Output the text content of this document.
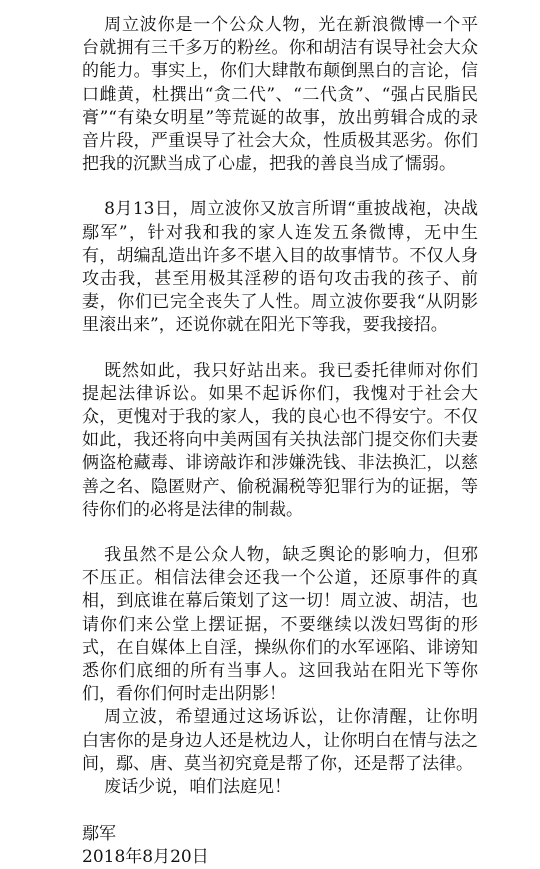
周立波你是一个公众人物，光在新浪微博一个平台就拥有三千多万的粉丝。你和胡洁有误导社会大众的能力。事实上，你们大肆散布颠倒黑白的言论，信口雌黄，杜撰出“贪二代”、“二代贪”、“强占民脂民膏”“有染女明星”等荒诞的故事，放出剪辑合成的录音片段，严重误导了社会大众，性质极其恶劣。你们把我的沉默当成了心虚，把我的善良当成了懦弱。

8月13日，周立波你又放言所谓“重披战袍，决战鄢军”，针对我和我的家人连发五条微博，无中生有，胡编乱造出许多不堪入目的故事情节。不仅人身攻击我，甚至用极其淫秽的语句攻击我的孩子、前妻，你们已完全丧失了人性。周立波你要我“从阴影里滚出来”，还说你就在阳光下等我，要我接招。

既然如此，我只好站出来。我已委托律师对你们提起法律诉讼。如果不起诉你们，我愧对于社会大众，更愧对于我的家人，我的良心也不得安宁。不仅如此，我还将向中美两国有关执法部门提交你们夫妻俩盗枪藏毒、诽谤敲诈和涉嫌洗钱、非法换汇，以慈善之名、隐匿财产、偷税漏税等犯罪行为的证据，等待你们的必将是法律的制裁。

我虽然不是公众人物，缺乏舆论的影响力，但邪不压正。相信法律会还我一个公道，还原事件的真相，到底谁在幕后策划了这一切！周立波、胡洁，也请你们来公堂上摆证据，不要继续以泼妇骂街的形式，在自媒体上自淫，操纵你们的水军诬陷、诽谤知悉你们底细的所有当事人。这回我站在阳光下等你们，看你们何时走出阴影！

周立波，希望通过这场诉讼，让你清醒，让你明白害你的是身边人还是枕边人，让你明白在情与法之间，鄢、唐、莫当初究竟是帮了你，还是帮了法律。

废话少说，咱们法庭见！

鄢军

2018年8月20日
